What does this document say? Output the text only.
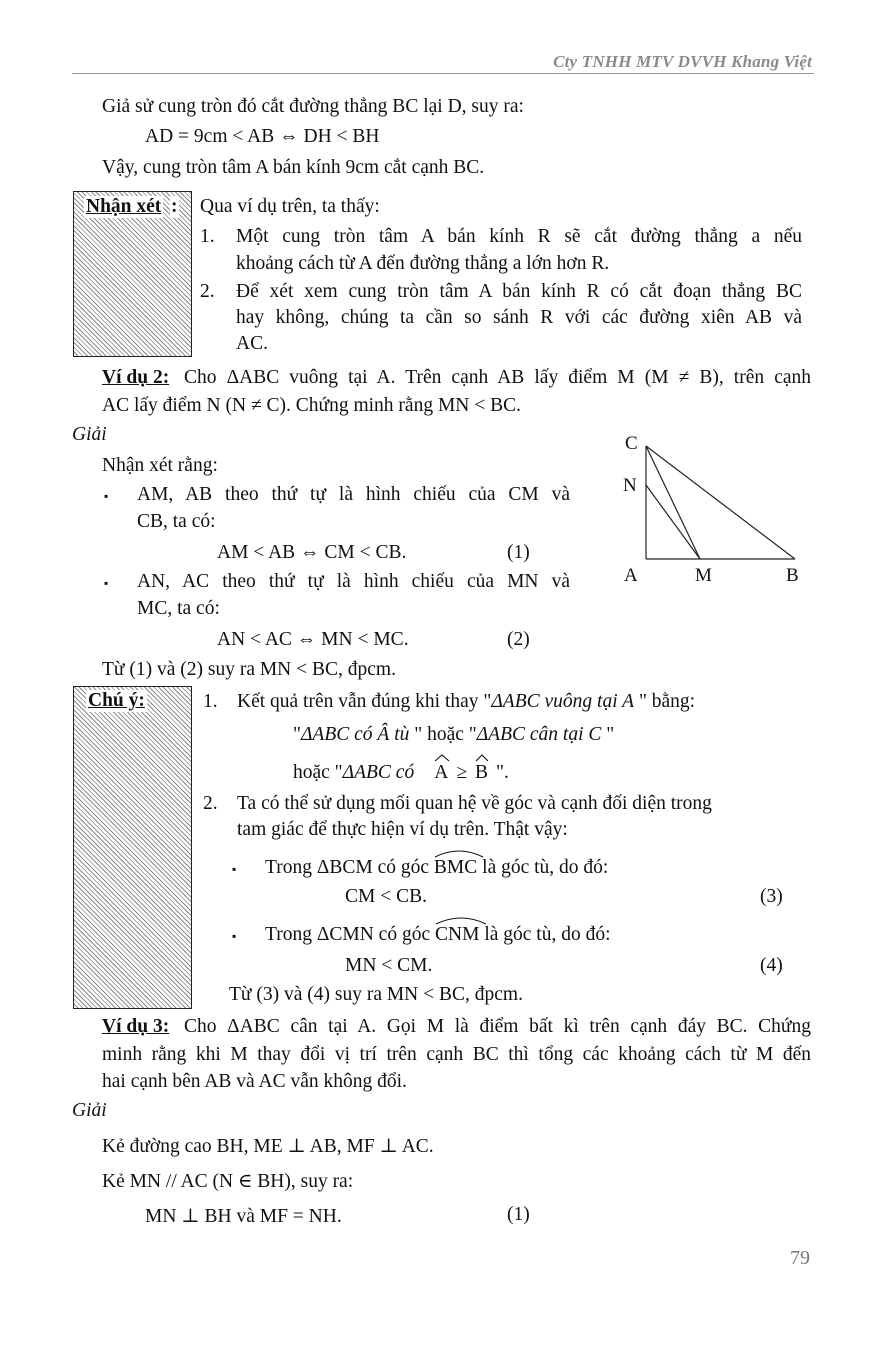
Cty TNHH MTV DVVH Khang Việt
Giả sử cung tròn đó cắt đường thẳng BC lại D, suy ra:
AD = 9cm < AB ⇔ DH < BH
Vậy, cung tròn tâm A bán kính 9cm cắt cạnh BC.
Nhận xét : Qua ví dụ trên, ta thấy:
1. Một cung tròn tâm A bán kính R sẽ cắt đường thẳng a nếu
khoảng cách từ A đến đường thẳng a lớn hơn R.
2. Để xét xem cung tròn tâm A bán kính R có cắt đoạn thẳng BC
hay không, chúng ta cần so sánh R với các đường xiên AB và
AC.
Ví dụ 2: Cho ΔABC vuông tại A. Trên cạnh AB lấy điểm M (M ≠ B), trên cạnh
AC lấy điểm N (N ≠ C). Chứng minh rằng MN < BC.
Giải
Nhận xét rằng:
▪ AM, AB theo thứ tự là hình chiếu của CM và
CB, ta có:
AM < AB ⇔ CM < CB.	(1)
▪ AN, AC theo thứ tự là hình chiếu của MN và
MC, ta có:
AN < AC ⇔ MN < MC.	(2)
Từ (1) và (2) suy ra MN < BC, đpcm.
C
N
A	M	B
Chú ý:	1. Kết quả trên vẫn đúng khi thay "ΔABC vuông tại A " bằng:
"ΔABC có Â tù " hoặc "ΔABC cân tại C "
hoặc "ΔABC có A ≥ B ".
2. Ta có thể sử dụng mối quan hệ về góc và cạnh đối diện trong
tam giác để thực hiện ví dụ trên. Thật vậy:
▪ Trong ΔBCM có góc
BMC là góc tù, do đó:
CM < CB.	(3)
▪ Trong ΔCMN có góc
CNM là góc tù, do đó:
MN < CM.	(4)
Từ (3) và (4) suy ra MN < BC, đpcm.
Ví dụ 3: Cho ΔABC cân tại A. Gọi M là điểm bất kì trên cạnh đáy BC. Chứng
minh rằng khi M thay đổi vị trí trên cạnh BC thì tổng các khoảng cách từ M đến
hai cạnh bên AB và AC vẫn không đổi.
Giải
Kẻ đường cao BH, ME ⊥ AB, MF ⊥ AC.
Kẻ MN // AC (N ∈ BH), suy ra:
MN ⊥ BH và MF = NH.	(1)
79
